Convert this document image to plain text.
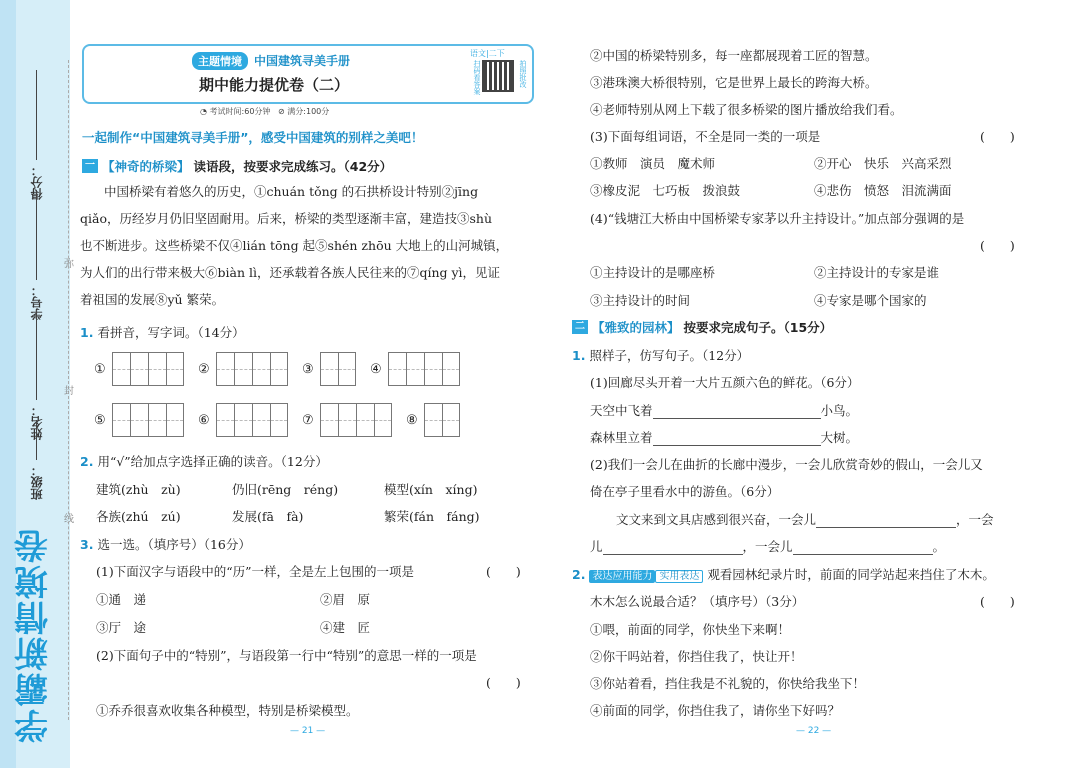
得分：
学号：
姓名：
班级：
学霸新情境卷
弥
封
线
主题情境	中国建筑寻美手册
期中能力提优卷（二）
语文|二下
扫码看答案	拍照批改
◔ 考试时间:60分钟 ⊘ 满分:100分
一起制作“中国建筑寻美手册”，感受中国建筑的别样之美吧！
一 【神奇的桥梁】 读语段，按要求完成练习。（42分）
中国桥梁有着悠久的历史，①chuán tǒng 的石拱桥设计特别②jīng
qiǎo，历经岁月仍旧坚固耐用。后来，桥梁的类型逐渐丰富，建造技③shù
也不断进步。这些桥梁不仅④lián tōng 起⑤shén zhōu 大地上的山河城镇，
为人们的出行带来极大⑥biàn lì，还承载着各族人民往来的⑦qíng yì，见证
着祖国的发展⑧yǔ 繁荣。
1. 看拼音，写字词。（14分）
①	②	③	④
⑤	⑥	⑦	⑧
2. 用“√”给加点字选择正确的读音。（12分）
建筑(zhù　zù)	仍旧(rēng　réng)	模型(xín　xíng)
各族(zhú　zú)	发展(fā　fà)	繁荣(fán　fáng)
3. 选一选。（填序号）（16分）
(1)下面汉字与语段中的“历”一样，全是左上包围的一项是	(　　)
①通　递	②眉　原
③厅　途	④建　匠
(2)下面句子中的“特别”，与语段第一行中“特别”的意思一样的一项是
(　　)
①乔乔很喜欢收集各种模型，特别是桥梁模型。
— 21 —
②中国的桥梁特别多，每一座都展现着工匠的智慧。
③港珠澳大桥很特别，它是世界上最长的跨海大桥。
④老师特别从网上下载了很多桥梁的图片播放给我们看。
(3)下面每组词语，不全是同一类的一项是	(　　)
①教师　演员　魔术师	②开心　快乐　兴高采烈
③橡皮泥　七巧板　拨浪鼓	④悲伤　愤怒　泪流满面
(4)“钱塘江大桥由中国桥梁专家茅以升主持设计。”加点部分强调的是
(　　)
①主持设计的是哪座桥	②主持设计的专家是谁
③主持设计的时间	④专家是哪个国家的
二 【雅致的园林】 按要求完成句子。（15分）
1. 照样子，仿写句子。（12分）
(1)回廊尽头开着一大片五颜六色的鲜花。（6分）
天空中飞着	小鸟。
森林里立着	大树。
(2)我们一会儿在曲折的长廊中漫步，一会儿欣赏奇妙的假山，一会儿又
倚在亭子里看水中的游鱼。（6分）
文文来到文具店感到很兴奋，一会儿	，一会
儿	，一会儿	。
2. 表达应用能力 实用表达 观看园林纪录片时，前面的同学站起来挡住了木木。
木木怎么说最合适？（填序号）（3分）	(　　)
①喂，前面的同学，你快坐下来啊！
②你干吗站着，你挡住我了，快让开！
③你站着看，挡住我是不礼貌的，你快给我坐下！
④前面的同学，你挡住我了，请你坐下好吗？
— 22 —
